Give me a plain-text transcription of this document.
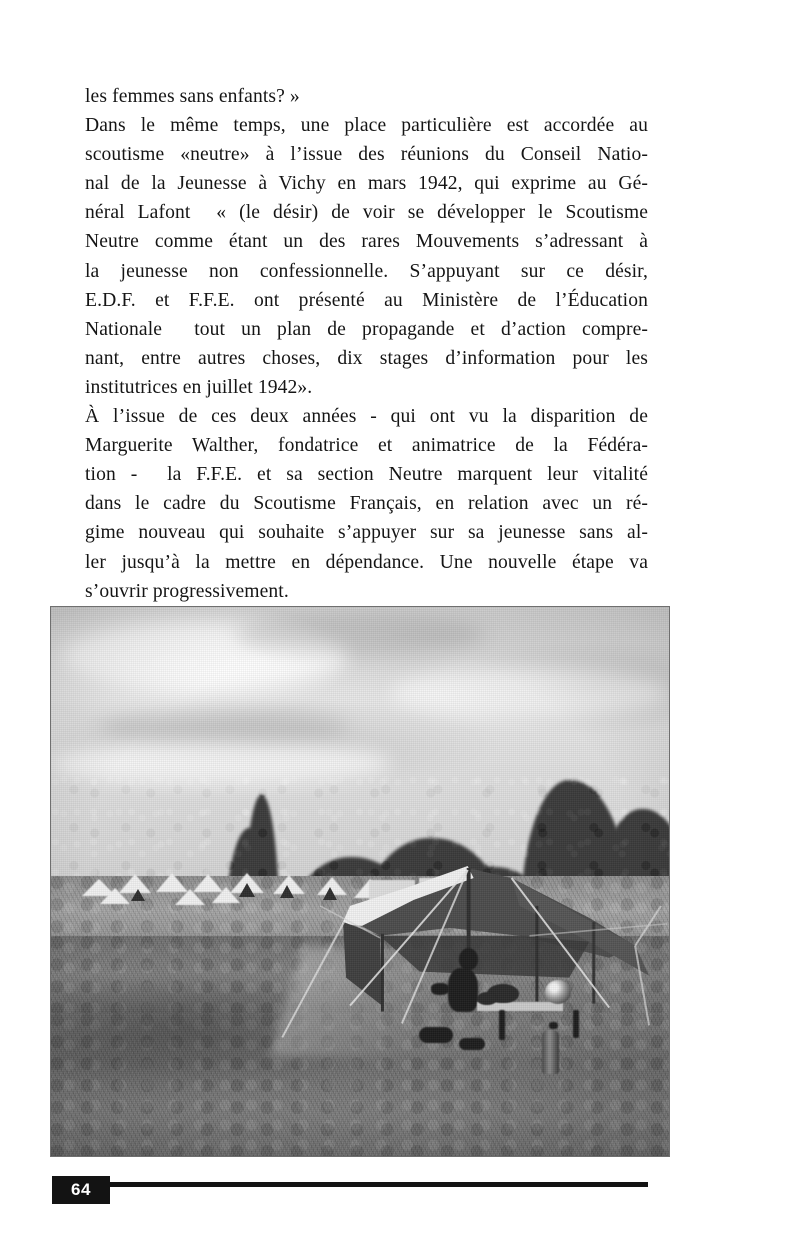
les femmes sans enfants? »

Dans le même temps, une place particulière est accordée au
scoutisme «neutre» à l’issue des réunions du Conseil Natio-
nal de la Jeunesse à Vichy en mars 1942, qui exprime au Gé-
néral Lafont  « (le désir) de voir se développer le Scoutisme
Neutre comme étant un des rares Mouvements s’adressant à
la jeunesse non confessionnelle. S’appuyant sur ce désir,
E.D.F. et F.F.E. ont présenté au Ministère de l’Éducation
Nationale  tout un plan de propagande et d’action compre-
nant, entre autres choses, dix stages d’information pour les
institutrices en juillet 1942».

À l’issue de ces deux années - qui ont vu la disparition de
Marguerite Walther, fondatrice et animatrice de la Fédéra-
tion -  la F.F.E. et sa section Neutre marquent leur vitalité
dans le cadre du Scoutisme Français, en relation avec un ré-
gime nouveau qui souhaite s’appuyer sur sa jeunesse sans al-
ler jusqu’à la mettre en dépendance. Une nouvelle étape va
s’ouvrir progressivement.

64
